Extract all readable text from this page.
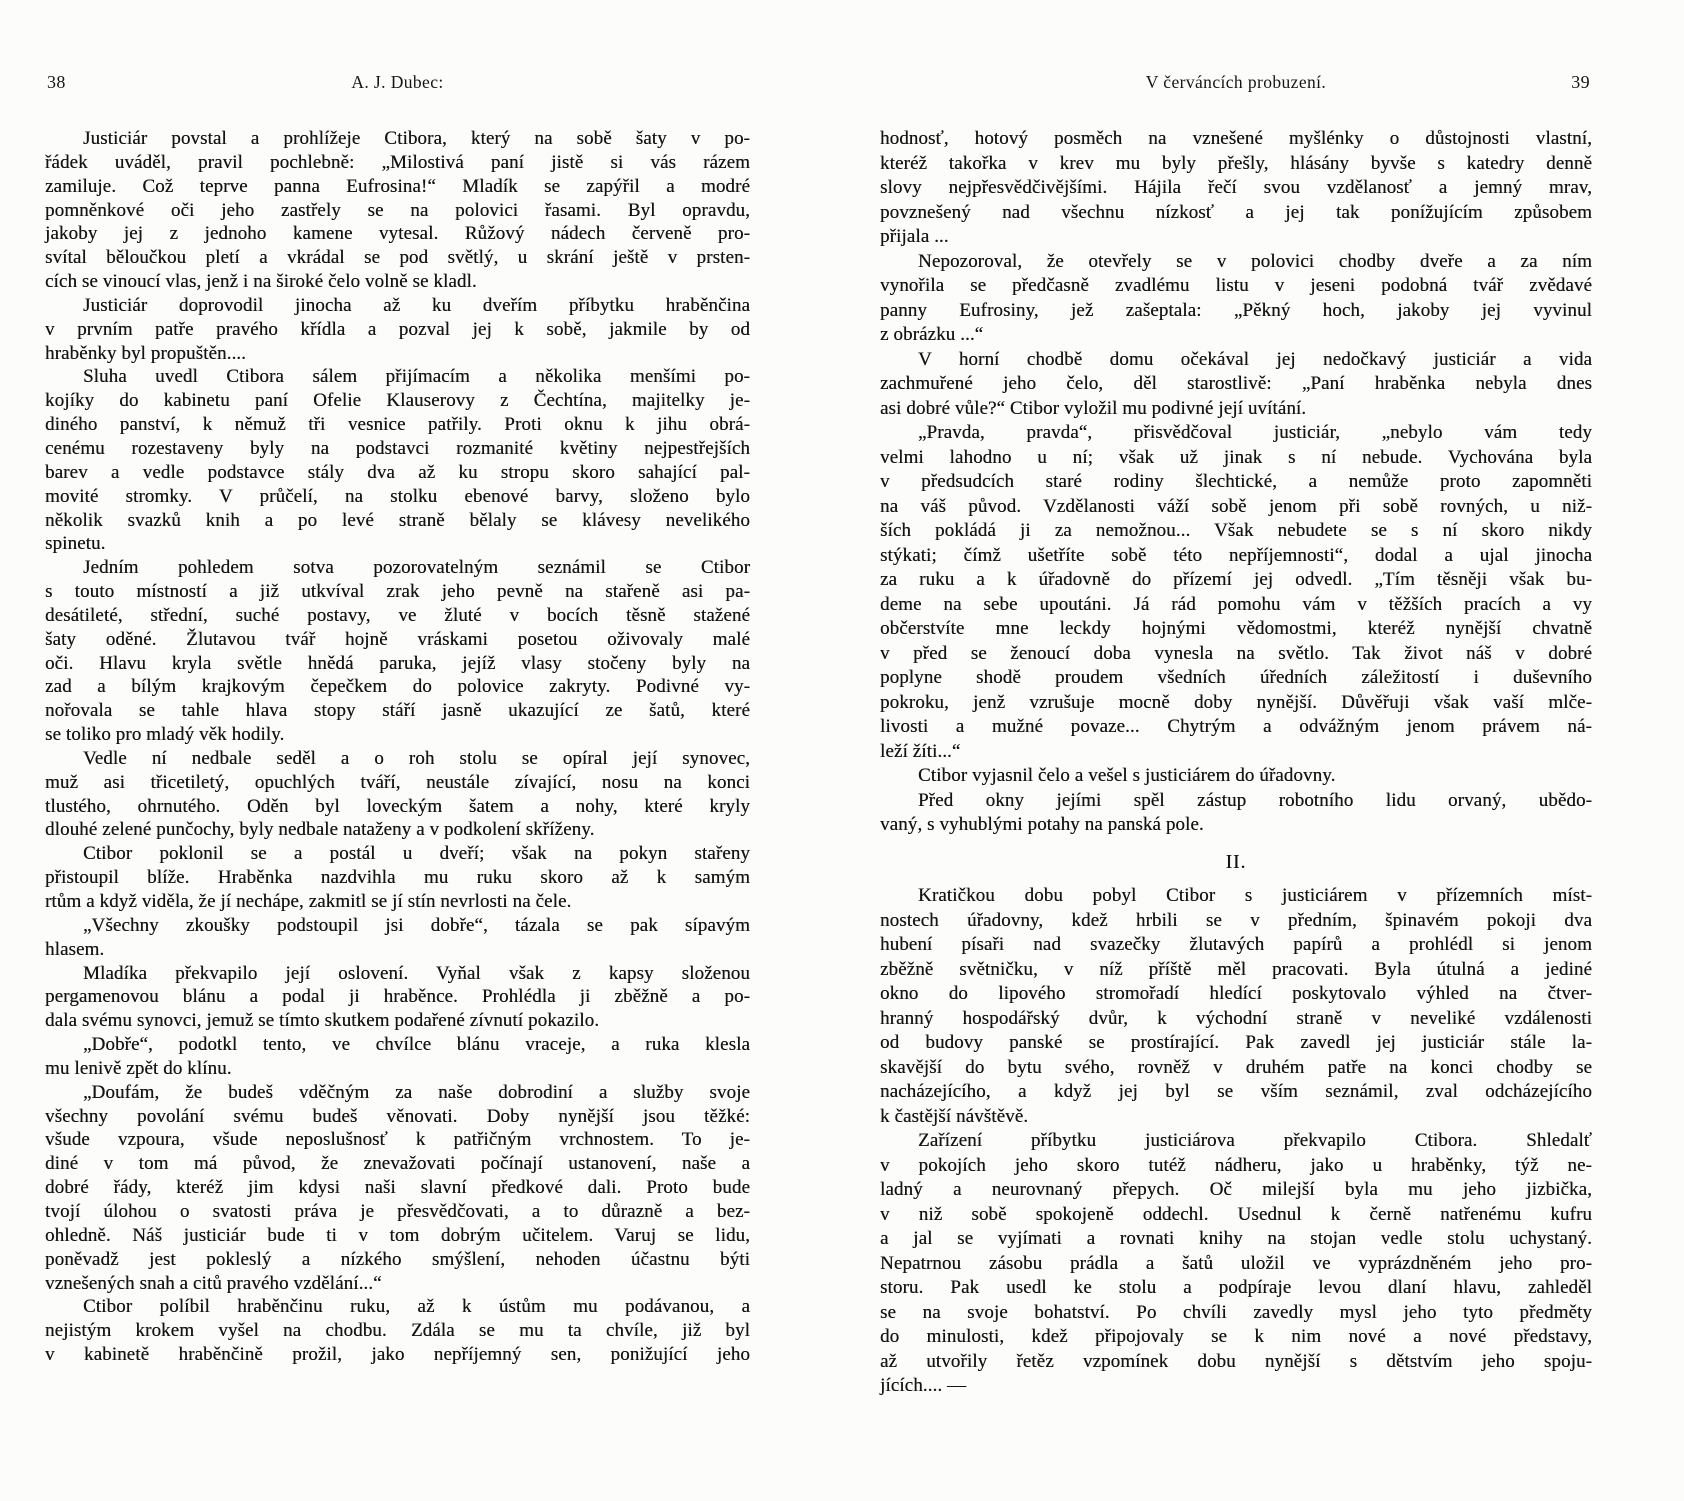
38	A. J. Dubec:
Justiciár povstal a prohlížeje Ctibora, který na sobě šaty v po-
řádek uváděl, pravil pochlebně: „Milostivá paní jistě si vás rázem
zamiluje. Což teprve panna Eufrosina!“ Mladík se zapýřil a modré
pomněnkové oči jeho zastřely se na polovici řasami. Byl opravdu,
jakoby jej z jednoho kamene vytesal. Růžový nádech červeně pro-
svítal běloučkou pletí a vkrádal se pod světlý, u skrání ještě v prsten-
cích se vinoucí vlas, jenž i na široké čelo volně se kladl.
Justiciár doprovodil jinocha až ku dveřím příbytku hraběnčina
v prvním patře pravého křídla a pozval jej k sobě, jakmile by od
hraběnky byl propuštěn....
Sluha uvedl Ctibora sálem přijímacím a několika menšími po-
kojíky do kabinetu paní Ofelie Klauserovy z Čechtína, majitelky je-
diného panství, k němuž tři vesnice patřily. Proti oknu k jihu obrá-
cenému rozestaveny byly na podstavci rozmanité květiny nejpestřejších
barev a vedle podstavce stály dva až ku stropu skoro sahající pal-
movité stromky. V průčelí, na stolku ebenové barvy, složeno bylo
několik svazků knih a po levé straně bělaly se klávesy nevelikého
spinetu.
Jedním pohledem sotva pozorovatelným seznámil se Ctibor
s touto místností a již utkvíval zrak jeho pevně na stařeně asi pa-
desátileté, střední, suché postavy, ve žluté v bocích těsně stažené
šaty oděné. Žlutavou tvář hojně vráskami posetou oživovaly malé
oči. Hlavu kryla světle hnědá paruka, jejíž vlasy stočeny byly na
zad a bílým krajkovým čepečkem do polovice zakryty. Podivné vy-
nořovala se tahle hlava stopy stáří jasně ukazující ze šatů, které
se toliko pro mladý věk hodily.
Vedle ní nedbale seděl a o roh stolu se opíral její synovec,
muž asi třicetiletý, opuchlých tváří, neustále zívající, nosu na konci
tlustého, ohrnutého. Oděn byl loveckým šatem a nohy, které kryly
dlouhé zelené punčochy, byly nedbale nataženy a v podkolení skříženy.
Ctibor poklonil se a postál u dveří; však na pokyn stařeny
přistoupil blíže. Hraběnka nazdvihla mu ruku skoro až k samým
rtům a když viděla, že jí nechápe, zakmitl se jí stín nevrlosti na čele.
„Všechny zkoušky podstoupil jsi dobře“, tázala se pak sípavým
hlasem.
Mladíka překvapilo její oslovení. Vyňal však z kapsy složenou
pergamenovou blánu a podal ji hraběnce. Prohlédla ji zběžně a po-
dala svému synovci, jemuž se tímto skutkem podařené zívnutí pokazilo.
„Dobře“, podotkl tento, ve chvílce blánu vraceje, a ruka klesla
mu lenivě zpět do klínu.
„Doufám, že budeš vděčným za naše dobrodiní a služby svoje
všechny povolání svému budeš věnovati. Doby nynější jsou těžké:
všude vzpoura, všude neposlušnosť k patřičným vrchnostem. To je-
diné v tom má původ, že znevažovati počínají ustanovení, naše a
dobré řády, kteréž jim kdysi naši slavní předkové dali. Proto bude
tvojí úlohou o svatosti práva je přesvědčovati, a to důrazně a bez-
ohledně. Náš justiciár bude ti v tom dobrým učitelem. Varuj se lidu,
poněvadž jest pokleslý a nízkého smýšlení, nehoden účastnu býti
vznešených snah a citů pravého vzdělání...“
Ctibor políbil hraběnčinu ruku, až k ústům mu podávanou, a
nejistým krokem vyšel na chodbu. Zdála se mu ta chvíle, již byl
v kabinetě hraběnčině prožil, jako nepříjemný sen, ponižující jeho
V červáncích probuzení.	39
hodnosť, hotový posměch na vznešené myšlénky o důstojnosti vlastní,
kteréž takořka v krev mu byly přešly, hlásány byvše s katedry denně
slovy nejpřesvědčivějšími. Hájila řečí svou vzdělanosť a jemný mrav,
povznešený nad všechnu nízkosť a jej tak ponížujícím způsobem
přijala ...
Nepozoroval, že otevřely se v polovici chodby dveře a za ním
vynořila se předčasně zvadlému listu v jeseni podobná tvář zvědavé
panny Eufrosiny, jež zašeptala: „Pěkný hoch, jakoby jej vyvinul
z obrázku ...“
V horní chodbě domu očekával jej nedočkavý justiciár a vida
zachmuřené jeho čelo, děl starostlivě: „Paní hraběnka nebyla dnes
asi dobré vůle?“ Ctibor vyložil mu podivné její uvítání.
„Pravda, pravda“, přisvědčoval justiciár, „nebylo vám tedy
velmi lahodno u ní; však už jinak s ní nebude. Vychována byla
v předsudcích staré rodiny šlechtické, a nemůže proto zapomněti
na váš původ. Vzdělanosti váží sobě jenom při sobě rovných, u niž-
ších pokládá ji za nemožnou... Však nebudete se s ní skoro nikdy
stýkati; čímž ušetříte sobě této nepříjemnosti“, dodal a ujal jinocha
za ruku a k úřadovně do přízemí jej odvedl. „Tím těsněji však bu-
deme na sebe upoutáni. Já rád pomohu vám v těžších pracích a vy
občerstvíte mne leckdy hojnými vědomostmi, kteréž nynější chvatně
v před se ženoucí doba vynesla na světlo. Tak život náš v dobré
poplyne shodě proudem všedních úředních záležitostí i duševního
pokroku, jenž vzrušuje mocně doby nynější. Důvěřuji však vaší mlče-
livosti a mužné povaze... Chytrým a odvážným jenom právem ná-
leží žíti...“
Ctibor vyjasnil čelo a vešel s justiciárem do úřadovny.
Před okny jejími spěl zástup robotního lidu orvaný, ubědo-
vaný, s vyhublými potahy na panská pole.
II.
Kratičkou dobu pobyl Ctibor s justiciárem v přízemních míst-
nostech úřadovny, kdež hrbili se v předním, špinavém pokoji dva
hubení písaři nad svazečky žlutavých papírů a prohlédl si jenom
zběžně světničku, v níž příště měl pracovati. Byla útulná a jediné
okno do lipového stromořadí hledící poskytovalo výhled na čtver-
hranný hospodářský dvůr, k východní straně v neveliké vzdálenosti
od budovy panské se prostírající. Pak zavedl jej justiciár stále la-
skavější do bytu svého, rovněž v druhém patře na konci chodby se
nacházejícího, a když jej byl se vším seznámil, zval odcházejícího
k častější návštěvě.
Zařízení příbytku justiciárova překvapilo Ctibora. Shledalť
v pokojích jeho skoro tutéž nádheru, jako u hraběnky, týž ne-
ladný a neurovnaný přepych. Oč milejší byla mu jeho jizbička,
v niž sobě spokojeně oddechl. Usednul k černě natřenému kufru
a jal se vyjímati a rovnati knihy na stojan vedle stolu uchystaný.
Nepatrnou zásobu prádla a šatů uložil ve vyprázdněném jeho pro-
storu. Pak usedl ke stolu a podpíraje levou dlaní hlavu, zahleděl
se na svoje bohatství. Po chvíli zavedly mysl jeho tyto předměty
do minulosti, kdež připojovaly se k nim nové a nové představy,
až utvořily řetěz vzpomínek dobu nynější s dětstvím jeho spoju-
jících.... —
